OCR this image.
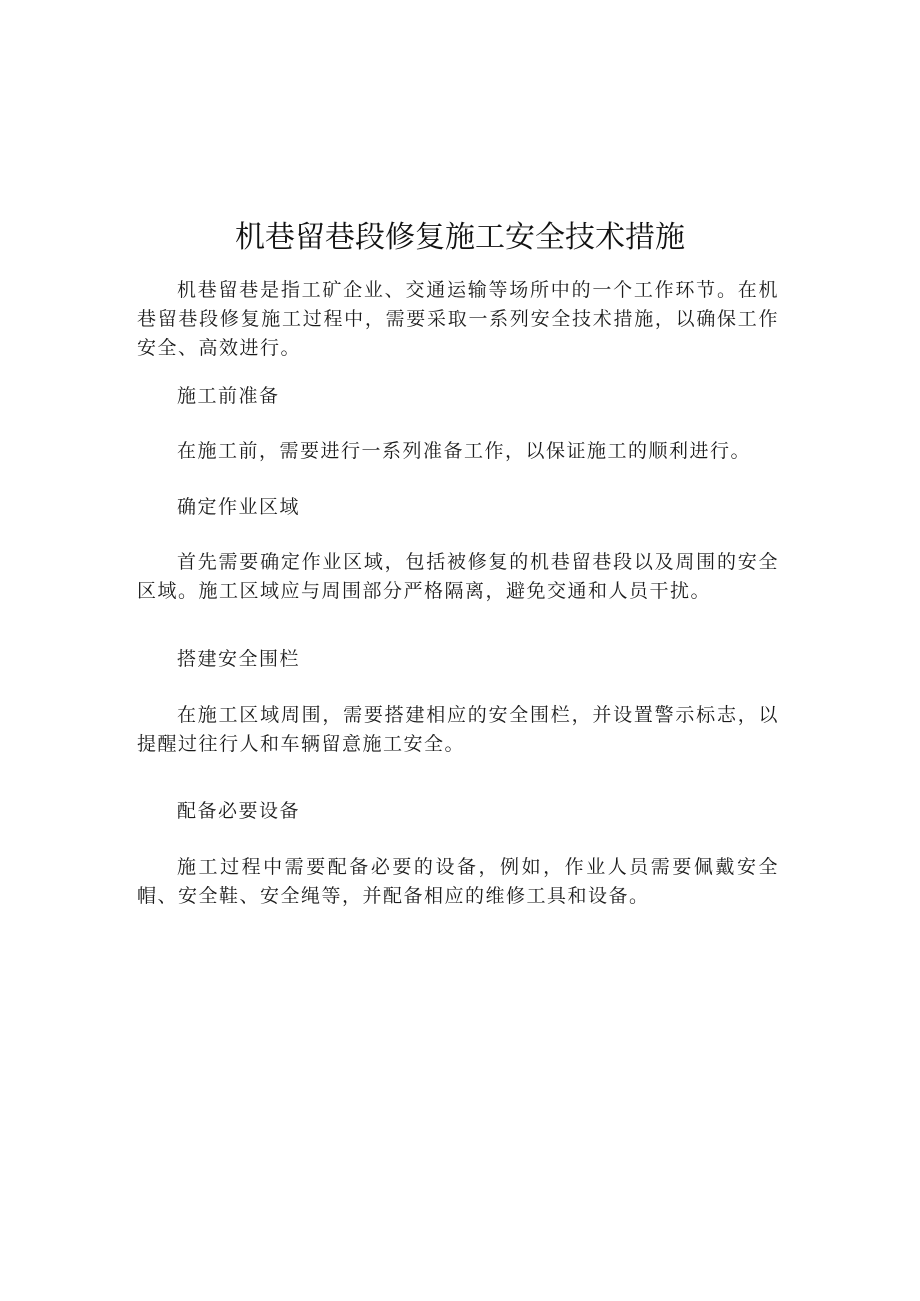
机巷留巷段修复施工安全技术措施

机巷留巷是指工矿企业、交通运输等场所中的一个工作环节。在机巷留巷段修复施工过程中，需要采取一系列安全技术措施，以确保工作安全、高效进行。

施工前准备

在施工前，需要进行一系列准备工作，以保证施工的顺利进行。

确定作业区域

首先需要确定作业区域，包括被修复的机巷留巷段以及周围的安全区域。施工区域应与周围部分严格隔离，避免交通和人员干扰。

搭建安全围栏

在施工区域周围，需要搭建相应的安全围栏，并设置警示标志，以提醒过往行人和车辆留意施工安全。

配备必要设备

施工过程中需要配备必要的设备，例如，作业人员需要佩戴安全帽、安全鞋、安全绳等，并配备相应的维修工具和设备。
